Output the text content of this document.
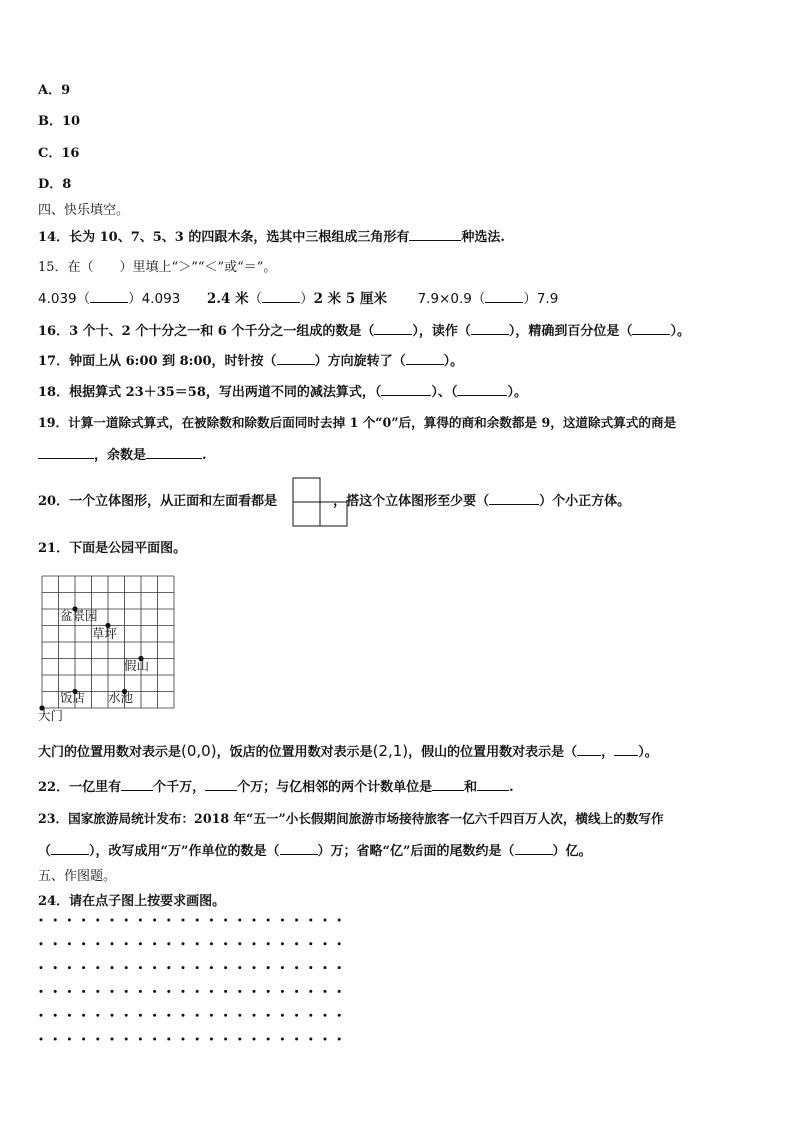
A．9
B．10
C．16
D．8
四、快乐填空。
14．长为 10、7、5、3 的四跟木条，选其中三根组成三角形有	种选法.
15．在（　　）里填上“＞”“＜”或“＝”。
4.039（	）4.093 2.4 米（	）2 米 5 厘米 7.9×0.9（	）7.9
16．3 个十、2 个十分之一和 6 个千分之一组成的数是（	），读作（	），精确到百分位是（	）。
17．钟面上从 6:00 到 8:00，时针按（	）方向旋转了（	）。
18．根据算式 23＋35＝58，写出两道不同的减法算式，（	）、（	）。
19．计算一道除式算式，在被除数和除数后面同时去掉 1 个“0”后，算得的商和余数都是 9，这道除式算式的商是
，余数是	.
20．一个立体图形，从正面和左面看都是	，搭这个立体图形至少要（	）个小正方体。
21．下面是公园平面图。
盆景园
草坪
假山
饭店 水池
大门
大门的位置用数对表示是(0,0)，饭店的位置用数对表示是(2,1)，假山的位置用数对表示是（ ， ）。
22．一亿里有 个千万， 个万；与亿相邻的两个计数单位是 和 .
23．国家旅游局统计发布：2018 年“五一”小长假期间旅游市场接待旅客一亿六千四百万人次，横线上的数写作
（	），改写成用“万”作单位的数是（	）万；省略“亿”后面的尾数约是（	）亿。
五、作图题。
24．请在点子图上按要求画图。
